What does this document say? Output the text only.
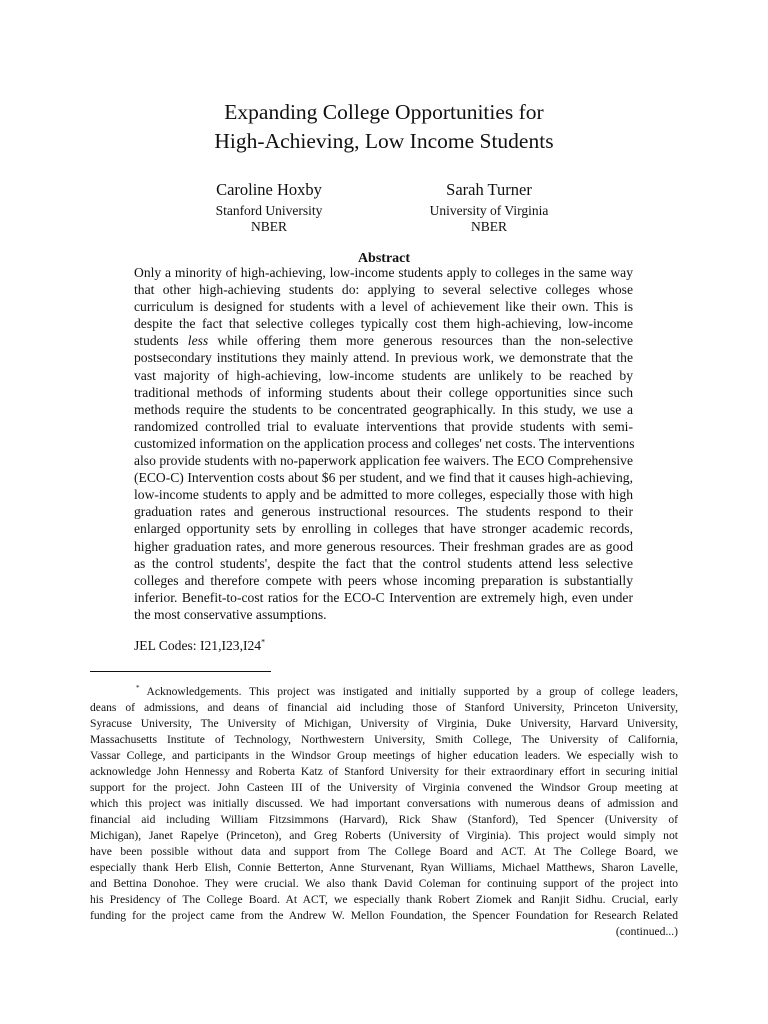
Expanding College Opportunities for
High-Achieving, Low Income Students
Caroline Hoxby
Stanford University
NBER
Sarah Turner
University of Virginia
NBER
Abstract
Only a minority of high-achieving, low-income students apply to colleges in the same way
that other high-achieving students do: applying to several selective colleges whose
curriculum is designed for students with a level of achievement like their own. This is
despite the fact that selective colleges typically cost them high-achieving, low-income
students less while offering them more generous resources than the non-selective
postsecondary institutions they mainly attend. In previous work, we demonstrate that the
vast majority of high-achieving, low-income students are unlikely to be reached by
traditional methods of informing students about their college opportunities since such
methods require the students to be concentrated geographically. In this study, we use a
randomized controlled trial to evaluate interventions that provide students with semi-
customized information on the application process and colleges' net costs. The interventions
also provide students with no-paperwork application fee waivers. The ECO Comprehensive
(ECO-C) Intervention costs about $6 per student, and we find that it causes high-achieving,
low-income students to apply and be admitted to more colleges, especially those with high
graduation rates and generous instructional resources. The students respond to their
enlarged opportunity sets by enrolling in colleges that have stronger academic records,
higher graduation rates, and more generous resources. Their freshman grades are as good
as the control students', despite the fact that the control students attend less selective
colleges and therefore compete with peers whose incoming preparation is substantially
inferior. Benefit-to-cost ratios for the ECO-C Intervention are extremely high, even under
the most conservative assumptions.
JEL Codes: I21,I23,I24*
* Acknowledgements. This project was instigated and initially supported by a group of college leaders,
deans of admissions, and deans of financial aid including those of Stanford University, Princeton University,
Syracuse University, The University of Michigan, University of Virginia, Duke University, Harvard University,
Massachusetts Institute of Technology, Northwestern University, Smith College, The University of California,
Vassar College, and participants in the Windsor Group meetings of higher education leaders. We especially wish to
acknowledge John Hennessy and Roberta Katz of Stanford University for their extraordinary effort in securing initial
support for the project. John Casteen III of the University of Virginia convened the Windsor Group meeting at
which this project was initially discussed. We had important conversations with numerous deans of admission and
financial aid including William Fitzsimmons (Harvard), Rick Shaw (Stanford), Ted Spencer (University of
Michigan), Janet Rapelye (Princeton), and Greg Roberts (University of Virginia). This project would simply not
have been possible without data and support from The College Board and ACT. At The College Board, we
especially thank Herb Elish, Connie Betterton, Anne Sturvenant, Ryan Williams, Michael Matthews, Sharon Lavelle,
and Bettina Donohoe. They were crucial. We also thank David Coleman for continuing support of the project into
his Presidency of The College Board. At ACT, we especially thank Robert Ziomek and Ranjit Sidhu. Crucial, early
funding for the project came from the Andrew W. Mellon Foundation, the Spencer Foundation for Research Related
(continued...)
